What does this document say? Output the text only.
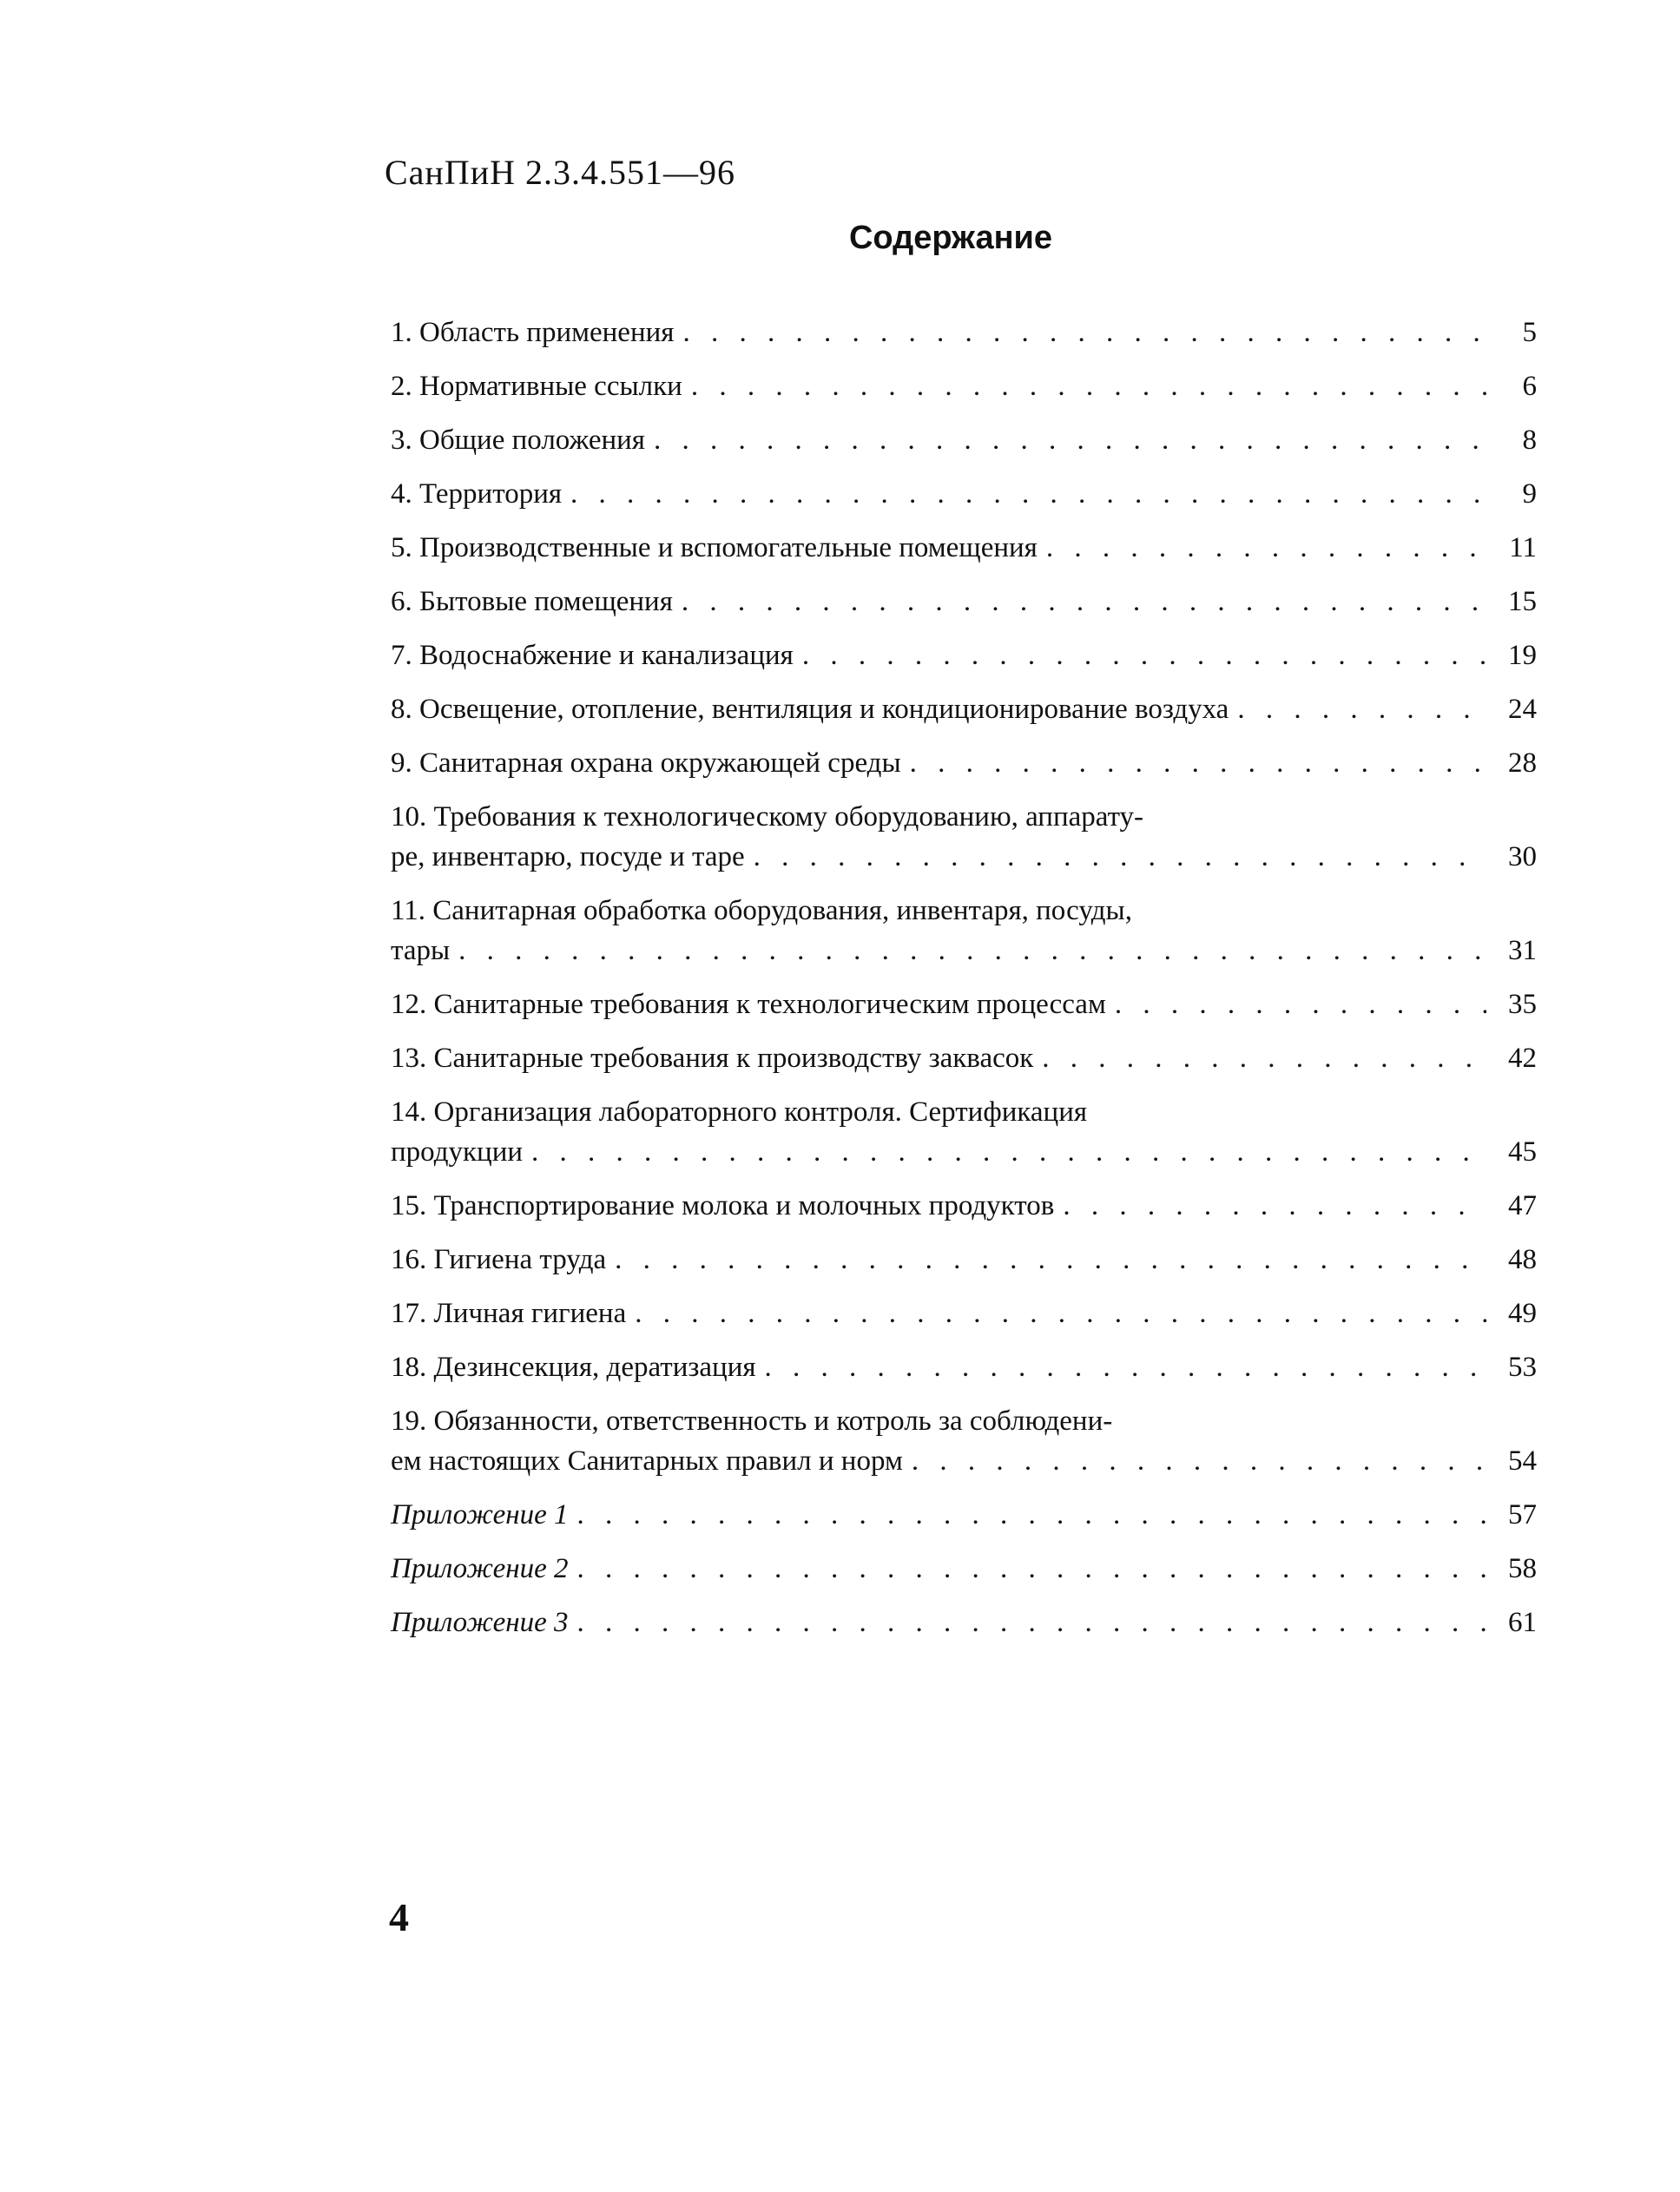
СанПиН 2.3.4.551—96
Содержание
1. Область применения . . .	5
2. Нормативные ссылки . . .	6
3. Общие положения . . .	8
4. Территория . . .	9
5. Производственные и вспомогательные помещения . . .	11
6. Бытовые помещения . . .	15
7. Водоснабжение и канализация . . .	19
8. Освещение, отопление, вентиляция и кондиционирование воздуха . . .	24
9. Санитарная охрана окружающей среды . . .	28
10. Требования к технологическому оборудованию, аппарату-
ре, инвентарю, посуде и таре . . .	30
11. Санитарная обработка оборудования, инвентаря, посуды,
тары . . .	31
12. Санитарные требования к технологическим процессам . . .	35
13. Санитарные требования к производству заквасок . . .	42
14. Организация лабораторного контроля. Сертификация
продукции . . .	45
15. Транспортирование молока и молочных продуктов . . .	47
16. Гигиена труда . . .	48
17. Личная гигиена . . .	49
18. Дезинсекция, дератизация . . .	53
19. Обязанности, ответственность и котроль за соблюдени-
ем настоящих Санитарных правил и норм . . .	54
Приложение 1 . . .	57
Приложение 2 . . .	58
Приложение 3 . . .	61
4
